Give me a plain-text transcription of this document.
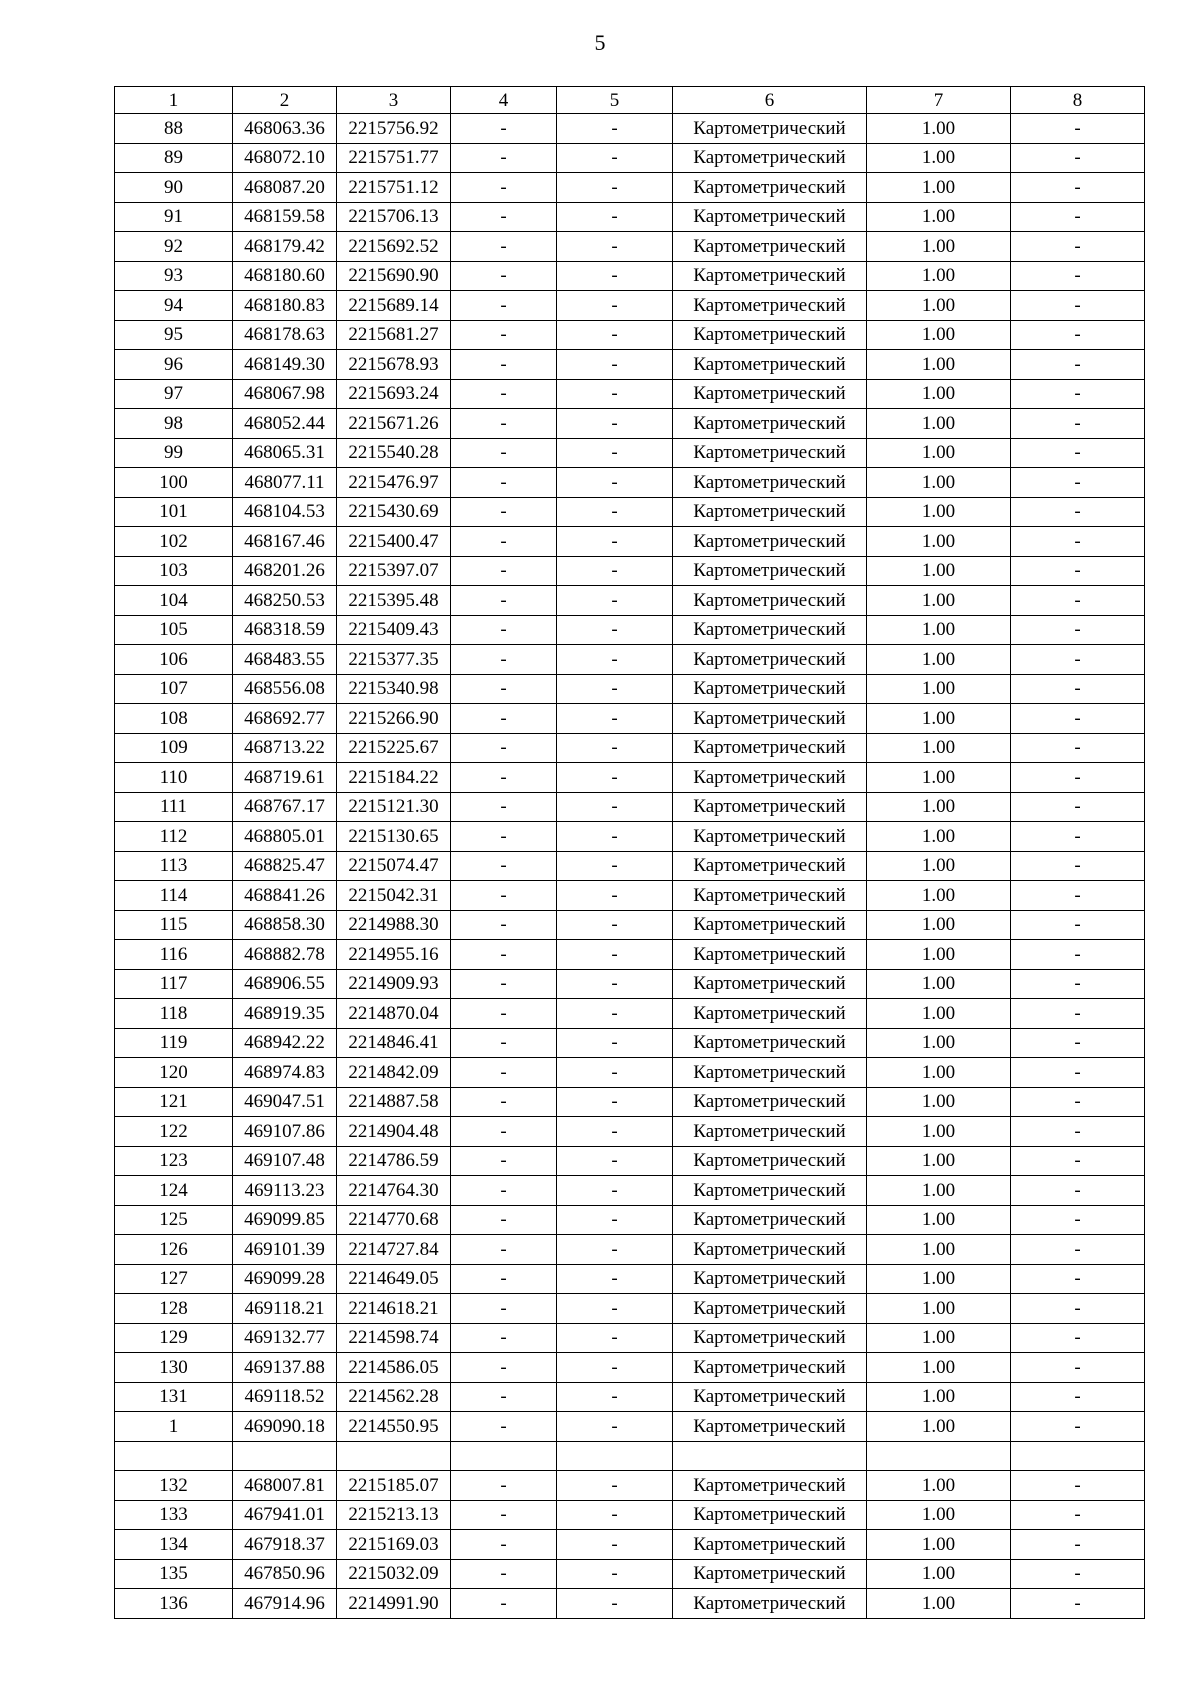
5
1	2	3	4	5	6	7	8
88	468063.36	2215756.92	-	-	Картометрический	1.00	-
89	468072.10	2215751.77	-	-	Картометрический	1.00	-
90	468087.20	2215751.12	-	-	Картометрический	1.00	-
91	468159.58	2215706.13	-	-	Картометрический	1.00	-
92	468179.42	2215692.52	-	-	Картометрический	1.00	-
93	468180.60	2215690.90	-	-	Картометрический	1.00	-
94	468180.83	2215689.14	-	-	Картометрический	1.00	-
95	468178.63	2215681.27	-	-	Картометрический	1.00	-
96	468149.30	2215678.93	-	-	Картометрический	1.00	-
97	468067.98	2215693.24	-	-	Картометрический	1.00	-
98	468052.44	2215671.26	-	-	Картометрический	1.00	-
99	468065.31	2215540.28	-	-	Картометрический	1.00	-
100	468077.11	2215476.97	-	-	Картометрический	1.00	-
101	468104.53	2215430.69	-	-	Картометрический	1.00	-
102	468167.46	2215400.47	-	-	Картометрический	1.00	-
103	468201.26	2215397.07	-	-	Картометрический	1.00	-
104	468250.53	2215395.48	-	-	Картометрический	1.00	-
105	468318.59	2215409.43	-	-	Картометрический	1.00	-
106	468483.55	2215377.35	-	-	Картометрический	1.00	-
107	468556.08	2215340.98	-	-	Картометрический	1.00	-
108	468692.77	2215266.90	-	-	Картометрический	1.00	-
109	468713.22	2215225.67	-	-	Картометрический	1.00	-
110	468719.61	2215184.22	-	-	Картометрический	1.00	-
111	468767.17	2215121.30	-	-	Картометрический	1.00	-
112	468805.01	2215130.65	-	-	Картометрический	1.00	-
113	468825.47	2215074.47	-	-	Картометрический	1.00	-
114	468841.26	2215042.31	-	-	Картометрический	1.00	-
115	468858.30	2214988.30	-	-	Картометрический	1.00	-
116	468882.78	2214955.16	-	-	Картометрический	1.00	-
117	468906.55	2214909.93	-	-	Картометрический	1.00	-
118	468919.35	2214870.04	-	-	Картометрический	1.00	-
119	468942.22	2214846.41	-	-	Картометрический	1.00	-
120	468974.83	2214842.09	-	-	Картометрический	1.00	-
121	469047.51	2214887.58	-	-	Картометрический	1.00	-
122	469107.86	2214904.48	-	-	Картометрический	1.00	-
123	469107.48	2214786.59	-	-	Картометрический	1.00	-
124	469113.23	2214764.30	-	-	Картометрический	1.00	-
125	469099.85	2214770.68	-	-	Картометрический	1.00	-
126	469101.39	2214727.84	-	-	Картометрический	1.00	-
127	469099.28	2214649.05	-	-	Картометрический	1.00	-
128	469118.21	2214618.21	-	-	Картометрический	1.00	-
129	469132.77	2214598.74	-	-	Картометрический	1.00	-
130	469137.88	2214586.05	-	-	Картометрический	1.00	-
131	469118.52	2214562.28	-	-	Картометрический	1.00	-
1	469090.18	2214550.95	-	-	Картометрический	1.00	-

132	468007.81	2215185.07	-	-	Картометрический	1.00	-
133	467941.01	2215213.13	-	-	Картометрический	1.00	-
134	467918.37	2215169.03	-	-	Картометрический	1.00	-
135	467850.96	2215032.09	-	-	Картометрический	1.00	-
136	467914.96	2214991.90	-	-	Картометрический	1.00	-
